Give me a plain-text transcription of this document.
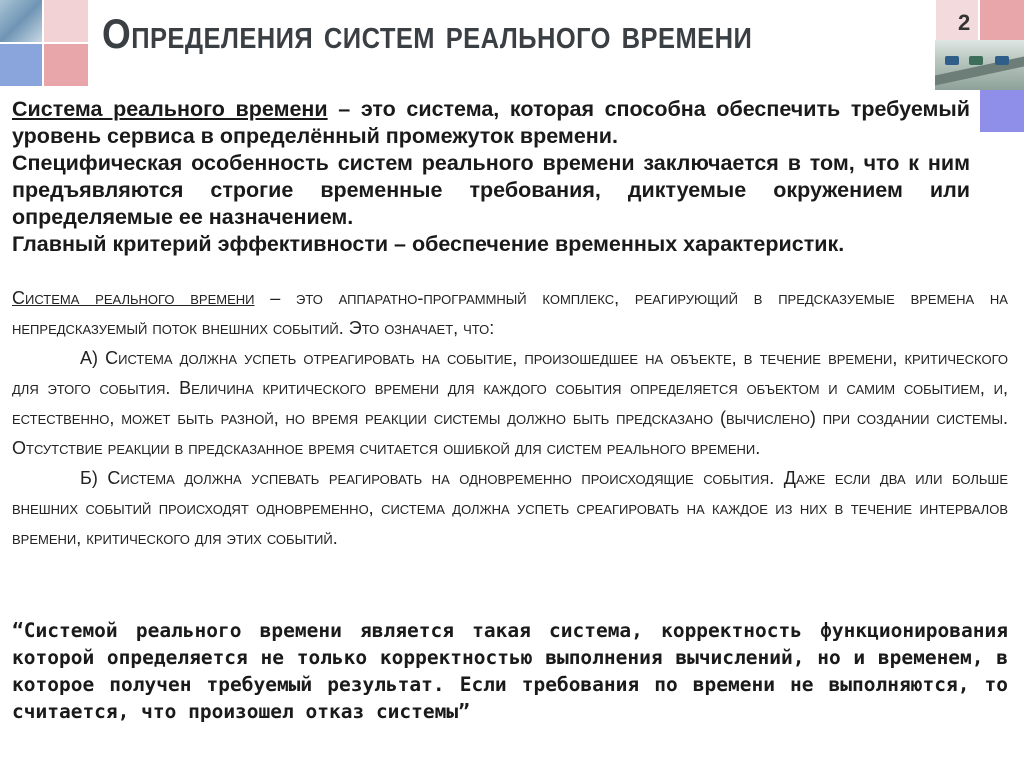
Определения систем реального времени	2

Система реального времени – это система, которая способна обеспечить требуемый уровень сервиса в определённый промежуток времени.

Специфическая особенность систем реального времени заключается в том, что к ним предъявляются строгие временные требования, диктуемые окружением или определяемые ее назначением.

Главный критерий эффективности – обеспечение временных характеристик.

Система реального времени – это аппаратно-программный комплекс, реагирующий в предсказуемые времена на непредсказуемый поток внешних событий. Это означает, что:

А) Система должна успеть отреагировать на событие, произошедшее на объекте, в течение времени, критического для этого события. Величина критического времени для каждого события определяется объектом и самим событием, и, естественно, может быть разной, но время реакции системы должно быть предсказано (вычислено) при создании системы. Отсутствие реакции в предсказанное время считается ошибкой для систем реального времени.

Б) Система должна успевать реагировать на одновременно происходящие события. Даже если два или больше внешних событий происходят одновременно, система должна успеть среагировать на каждое из них в течение интервалов времени, критического для этих событий.

“Системой реального времени является такая система, корректность функционирования которой определяется не только корректностью выполнения вычислений, но и временем, в которое получен требуемый результат. Если требования по времени не выполняются, то считается, что произошел отказ системы”
